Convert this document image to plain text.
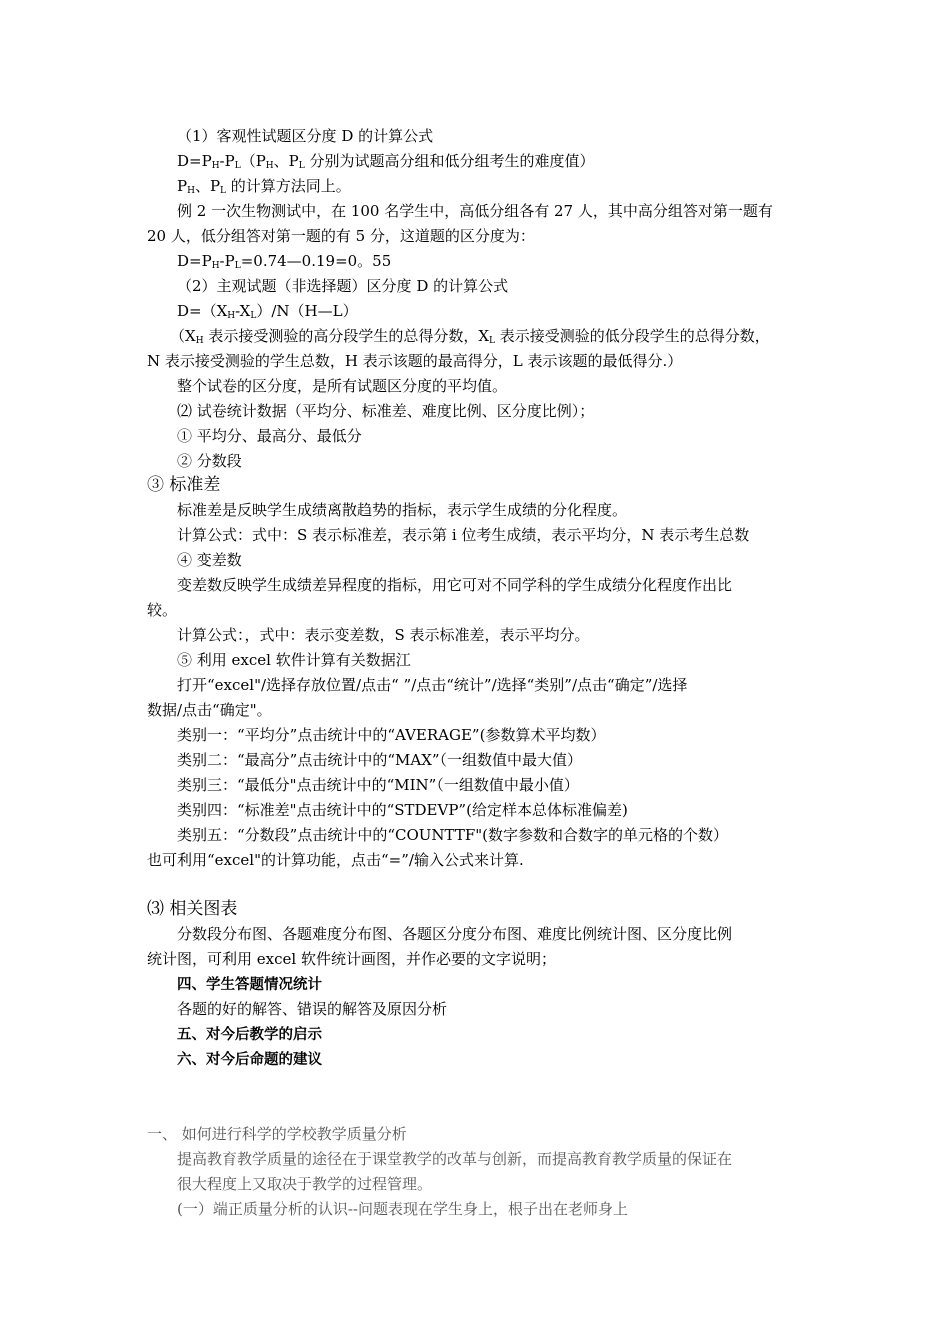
（1）客观性试题区分度 D 的计算公式
$D=P_H-P_L(P_H$、$P_L$ 分别为试题高分组和低分组考生的难度值）
$P_H$、$P_L$ 的计算方法同上。
例 2 一次生物测试中，在 100 名学生中，高低分组各有 27 人，其中高分组答对第一题有
20 人，低分组答对第一题的有 5 分，这道题的区分度为：
$D=P_H-P_L=0.74—0.19=0$。55
（2）主观试题（非选择题）区分度 D 的计算公式
$D=(X_H-X_L)/N(H—L)$
（$X_H$ 表示接受测验的高分段学生的总得分数，$X_L$ 表示接受测验的低分段学生的总得分数，
N 表示接受测验的学生总数，H 表示该题的最高得分，L 表示该题的最低得分.）
整个试卷的区分度，是所有试题区分度的平均值。
⑵ 试卷统计数据（平均分、标准差、难度比例、区分度比例）；
① 平均分、最高分、最低分
② 分数段
③ 标准差
标准差是反映学生成绩离散趋势的指标，表示学生成绩的分化程度。
计算公式：式中：S 表示标准差，表示第 i 位考生成绩，表示平均分，N 表示考生总数
④ 变差数
变差数反映学生成绩差异程度的指标，用它可对不同学科的学生成绩分化程度作出比
较。
计算公式：，式中：表示变差数，S 表示标准差，表示平均分。
⑤ 利用 excel 软件计算有关数据江
打开“excel"/选择存放位置/点击“ ”/点击“统计”/选择“类别”/点击“确定”/选择
数据/点击“确定"。
类别一：“平均分”点击统计中的“AVERAGE”(参数算术平均数）
类别二：“最高分”点击统计中的“MAX”（一组数值中最大值）
类别三：“最低分"点击统计中的“MIN”（一组数值中最小值）
类别四：“标准差"点击统计中的“STDEVP”(给定样本总体标准偏差)
类别五：“分数段”点击统计中的“COUNTTF"(数字参数和合数字的单元格的个数）
也可利用“excel"的计算功能，点击“=”/输入公式来计算.
⑶ 相关图表
分数段分布图、各题难度分布图、各题区分度分布图、难度比例统计图、区分度比例
统计图，可利用 excel 软件统计画图，并作必要的文字说明；
四、学生答题情况统计
各题的好的解答、错误的解答及原因分析
五、对今后教学的启示
六、对今后命题的建议
一、 如何进行科学的学校教学质量分析
提高教育教学质量的途径在于课堂教学的改革与创新，而提高教育教学质量的保证在
很大程度上又取决于教学的过程管理。
(一）端正质量分析的认识--问题表现在学生身上，根子出在老师身上
